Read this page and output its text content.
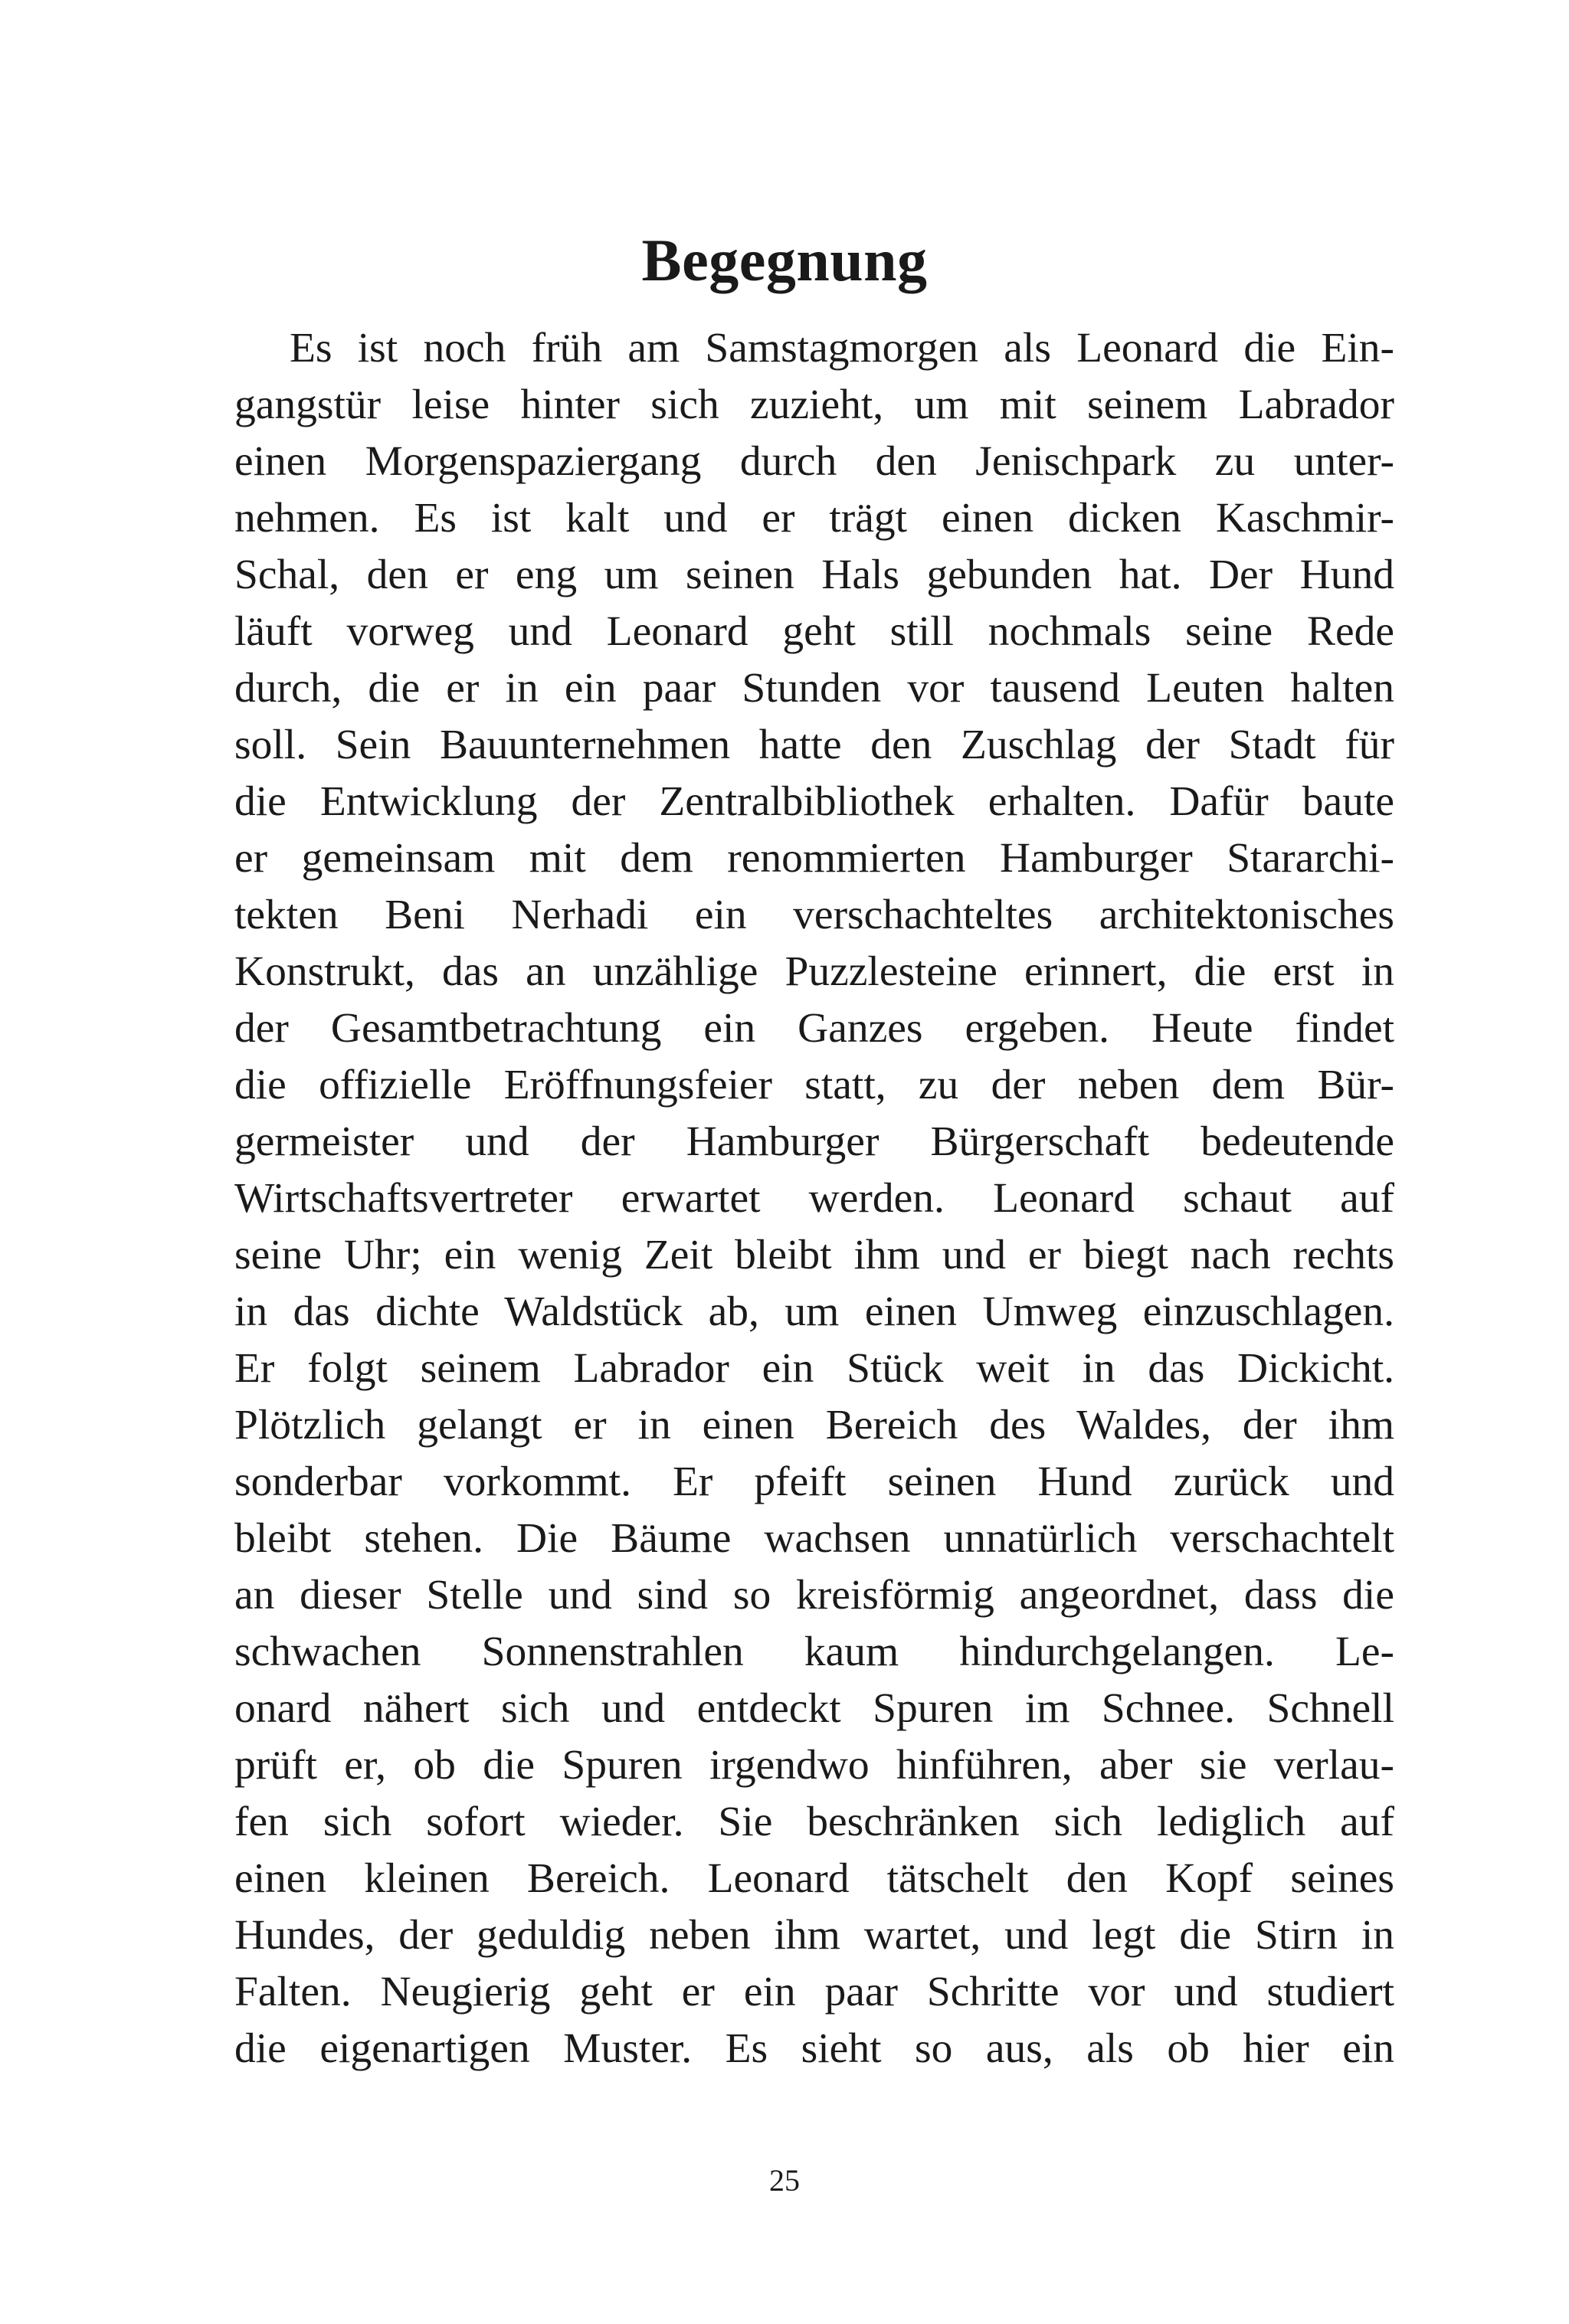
Begegnung
Es ist noch früh am Samstagmorgen als Leonard die Ein-
gangstür leise hinter sich zuzieht, um mit seinem Labrador
einen Morgenspaziergang durch den Jenischpark zu unter-
nehmen. Es ist kalt und er trägt einen dicken Kaschmir-
Schal, den er eng um seinen Hals gebunden hat. Der Hund
läuft vorweg und Leonard geht still nochmals seine Rede
durch, die er in ein paar Stunden vor tausend Leuten halten
soll. Sein Bauunternehmen hatte den Zuschlag der Stadt für
die Entwicklung der Zentralbibliothek erhalten. Dafür baute
er gemeinsam mit dem renommierten Hamburger Stararchi-
tekten Beni Nerhadi ein verschachteltes architektonisches
Konstrukt, das an unzählige Puzzlesteine erinnert, die erst in
der Gesamtbetrachtung ein Ganzes ergeben. Heute findet
die offizielle Eröffnungsfeier statt, zu der neben dem Bür-
germeister und der Hamburger Bürgerschaft bedeutende
Wirtschaftsvertreter erwartet werden. Leonard schaut auf
seine Uhr; ein wenig Zeit bleibt ihm und er biegt nach rechts
in das dichte Waldstück ab, um einen Umweg einzuschlagen.
Er folgt seinem Labrador ein Stück weit in das Dickicht.
Plötzlich gelangt er in einen Bereich des Waldes, der ihm
sonderbar vorkommt. Er pfeift seinen Hund zurück und
bleibt stehen. Die Bäume wachsen unnatürlich verschachtelt
an dieser Stelle und sind so kreisförmig angeordnet, dass die
schwachen Sonnenstrahlen kaum hindurchgelangen. Le-
onard nähert sich und entdeckt Spuren im Schnee. Schnell
prüft er, ob die Spuren irgendwo hinführen, aber sie verlau-
fen sich sofort wieder. Sie beschränken sich lediglich auf
einen kleinen Bereich. Leonard tätschelt den Kopf seines
Hundes, der geduldig neben ihm wartet, und legt die Stirn in
Falten. Neugierig geht er ein paar Schritte vor und studiert
die eigenartigen Muster. Es sieht so aus, als ob hier ein
25
